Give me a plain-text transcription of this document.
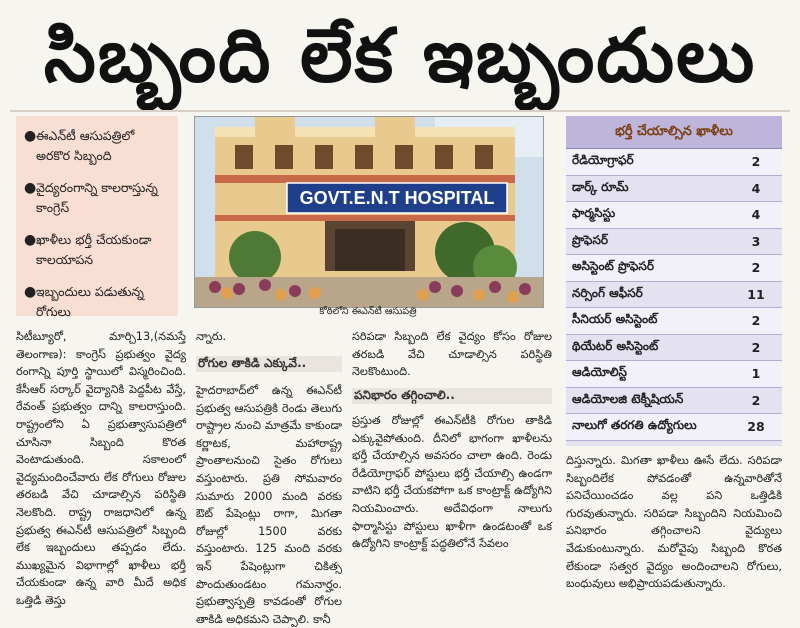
సిబ్బంది లేక ఇబ్బందులు
● ఈఎన్‌టీ ఆసుపత్రిలో అరకొర సిబ్బంది
● వైద్యరంగాన్ని కాలరాస్తున్న కాంగ్రెస్
● ఖాళీలు భర్తీ చేయకుండా కాలయాపన
● ఇబ్బందులు పడుతున్న రోగులు
GOVT.E.N.T HOSPITAL
కోఠిలోని ఈఎన్‌టీ ఆసుపత్రి
భర్తీ చేయాల్సిన ఖాళీలు
రేడియోగ్రాఫర్	2
డార్క్ రూమ్	4
ఫార్మసిస్టు	4
ప్రొఫెసర్	3
అసిస్టెంట్ ప్రొఫెసర్	2
నర్సింగ్ ఆఫీసర్	11
సీనియర్ అసిస్టెంట్	2
థియేటర్ అసిస్టెంట్	2
ఆడియోలిస్ట్	1
ఆడియోలజి టెక్నీషియన్	2
నాలుగో తరగతి ఉద్యోగులు	28
సిటీబ్యూరో, మార్చి13,(నమస్తే తెలంగాణ): కాంగ్రెస్ ప్రభుత్వం వైద్య రంగాన్ని పూర్తి స్థాయిలో విస్మరించింది. కేసీఆర్ సర్కార్ వైద్యానికి పెద్దపీట వేస్తే, రేవంత్ ప్రభుత్వం దాన్ని కాలరాస్తుంది. రాష్ట్రంలోని ఏ ప్రభుత్వాసుపత్రిలో చూసినా సిబ్బంది కొరత వెంటాడుతుంది. సకాలంలో వైద్యమందించేవారు లేక రోగులు రోజుల తరబడి వేచి చూడాల్సిన పరిస్థితి నెలకొంది. రాష్ట్ర రాజధానిలో ఉన్న ప్రభుత్వ ఈఎన్‌టీ ఆసుపత్రిలో సిబ్బంది లేక ఇబ్బందులు తప్పడం లేదు. ముఖ్యమైన విభాగాల్లో ఖాళీలు భర్తీ చేయకుండా ఉన్న వారి మీదే అధిక ఒత్తిడి తెస్తు
న్నారు.
రోగుల తాకిడి ఎక్కువే..
హైదరాబాద్‌లో ఉన్న ఈఎన్‌టీ ప్రభుత్వ ఆసుపత్రికి రెండు తెలుగు రాష్ట్రాల నుంచి మాత్రమే కాకుండా కర్ణాటక, మహారాష్ట్ర ప్రాంతాలనుంచి సైతం రోగులు వస్తుంటారు. ప్రతి సోమవారం సుమారు 2000 మంది వరకు ఔట్ పేషెంట్లు రాగా, మిగతా రోజుల్లో 1500 వరకు వస్తుంటారు. 125 మంది వరకు ఇన్ పేషెంట్లుగా చికిత్స పొందుతుండటం గమనార్హం. ప్రభుత్వాస్పత్రి కావడంతో రోగుల తాకిడి అధికమని చెప్పాలి. కానీ
సరిపడా సిబ్బంది లేక వైద్యం కోసం రోజుల తరబడి వేచి చూడాల్సిన పరిస్థితి నెలకొంటుంది.
పనిభారం తగ్గించాలి..
ప్రస్తుత రోజుల్లో ఈఎన్‌టీకి రోగుల తాకిడి ఎక్కువైపోతుంది. దీనిలో భాగంగా ఖాళీలను భర్తీ చేయాల్సిన అవసరం చాలా ఉంది. రెండు రేడియోగ్రాఫర్ పోస్టులు భర్తీ చేయాల్సి ఉండగా వాటిని భర్తీ చేయకపోగా ఒక కాంట్రాక్ట్ ఉద్యోగిని నియమించారు. అదేవిధంగా నాలుగు ఫార్మాసిస్టు పోస్టులు ఖాళీగా ఉండటంతో ఒక ఉద్యోగిని కాంట్రాక్ట్ పద్ధతిలోనే సేవలం
దిస్తున్నారు. మిగతా ఖాళీలు ఊసే లేదు. సరిపడా సిబ్బందిలేక పోవడంతో ఉన్నవారితోనే పనిచేయించడం వల్ల పని ఒత్తిడికి గురవుతున్నారు. సరిపడా సిబ్బందిని నియమించి పనిభారం తగ్గించాలని వైద్యులు వేడుకుంటున్నారు. మరోవైపు సిబ్బంది కొరత లేకుండా సత్వర వైద్యం అందించాలని రోగులు, బంధువులు అభిప్రాయపడుతున్నారు.
